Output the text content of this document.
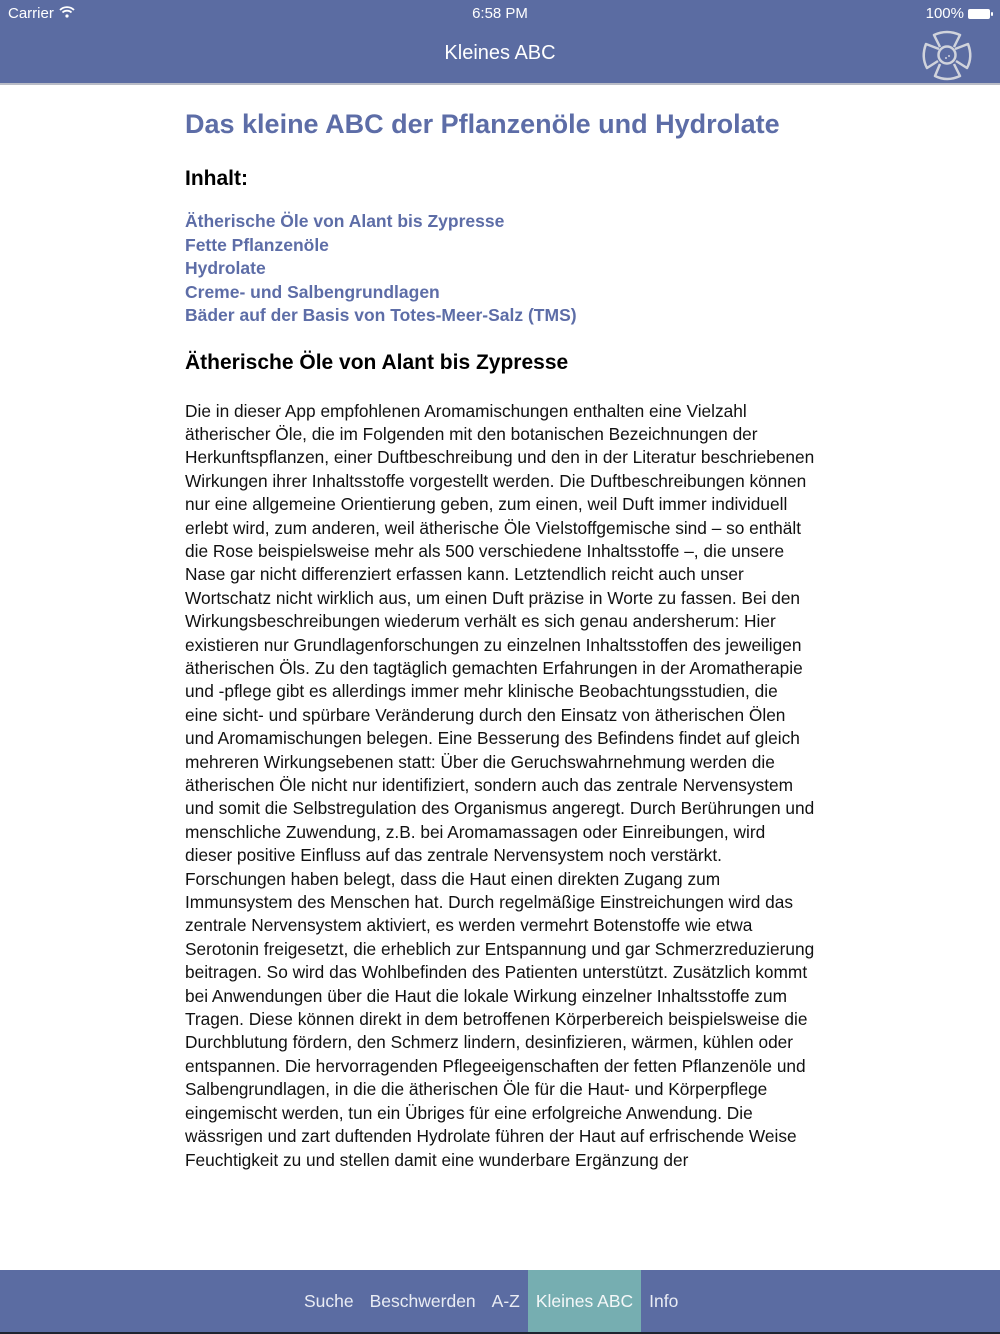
Carrier	6:58 PM	100%
Kleines ABC
Das kleine ABC der Pflanzenöle und Hydrolate
Inhalt:
Ätherische Öle von Alant bis Zypresse
Fette Pflanzenöle
Hydrolate
Creme- und Salbengrundlagen
Bäder auf der Basis von Totes-Meer-Salz (TMS)
Ätherische Öle von Alant bis Zypresse

Die in dieser App empfohlenen Aromamischungen enthalten eine Vielzahl ätherischer Öle, die im Folgenden mit den botanischen Bezeichnungen der Herkunftspflanzen, einer Duftbeschreibung und den in der Literatur beschriebenen Wirkungen ihrer Inhaltsstoffe vorgestellt werden. Die Duftbeschreibungen können nur eine allgemeine Orientierung geben, zum einen, weil Duft immer individuell erlebt wird, zum anderen, weil ätherische Öle Vielstoffgemische sind – so enthält die Rose beispielsweise mehr als 500 verschiedene Inhaltsstoffe –, die unsere Nase gar nicht differenziert erfassen kann. Letztendlich reicht auch unser Wortschatz nicht wirklich aus, um einen Duft präzise in Worte zu fassen. Bei den Wirkungsbeschreibungen wiederum verhält es sich genau andersherum: Hier existieren nur Grundlagenforschungen zu einzelnen Inhaltsstoffen des jeweiligen ätherischen Öls. Zu den tagtäglich gemachten Erfahrungen in der Aromatherapie und -pflege gibt es allerdings immer mehr klinische Beobachtungsstudien, die eine sicht- und spürbare Veränderung durch den Einsatz von ätherischen Ölen und Aromamischungen belegen. Eine Besserung des Befindens findet auf gleich mehreren Wirkungsebenen statt: Über die Geruchswahrnehmung werden die ätherischen Öle nicht nur identifiziert, sondern auch das zentrale Nervensystem und somit die Selbstregulation des Organismus angeregt. Durch Berührungen und menschliche Zuwendung, z.B. bei Aromamassagen oder Einreibungen, wird dieser positive Einfluss auf das zentrale Nervensystem noch verstärkt. Forschungen haben belegt, dass die Haut einen direkten Zugang zum Immunsystem des Menschen hat. Durch regelmäßige Einstreichungen wird das zentrale Nervensystem aktiviert, es werden vermehrt Botenstoffe wie etwa Serotonin freigesetzt, die erheblich zur Entspannung und gar Schmerzreduzierung beitragen. So wird das Wohlbefinden des Patienten unterstützt. Zusätzlich kommt bei Anwendungen über die Haut die lokale Wirkung einzelner Inhaltsstoffe zum Tragen. Diese können direkt in dem betroffenen Körperbereich beispielsweise die Durchblutung fördern, den Schmerz lindern, desinfizieren, wärmen, kühlen oder entspannen. Die hervorragenden Pflegeeigenschaften der fetten Pflanzenöle und Salbengrundlagen, in die die ätherischen Öle für die Haut- und Körperpflege eingemischt werden, tun ein Übriges für eine erfolgreiche Anwendung. Die wässrigen und zart duftenden Hydrolate führen der Haut auf erfrischende Weise Feuchtigkeit zu und stellen damit eine wunderbare Ergänzung der

Suche Beschwerden A-Z Kleines ABC Info
